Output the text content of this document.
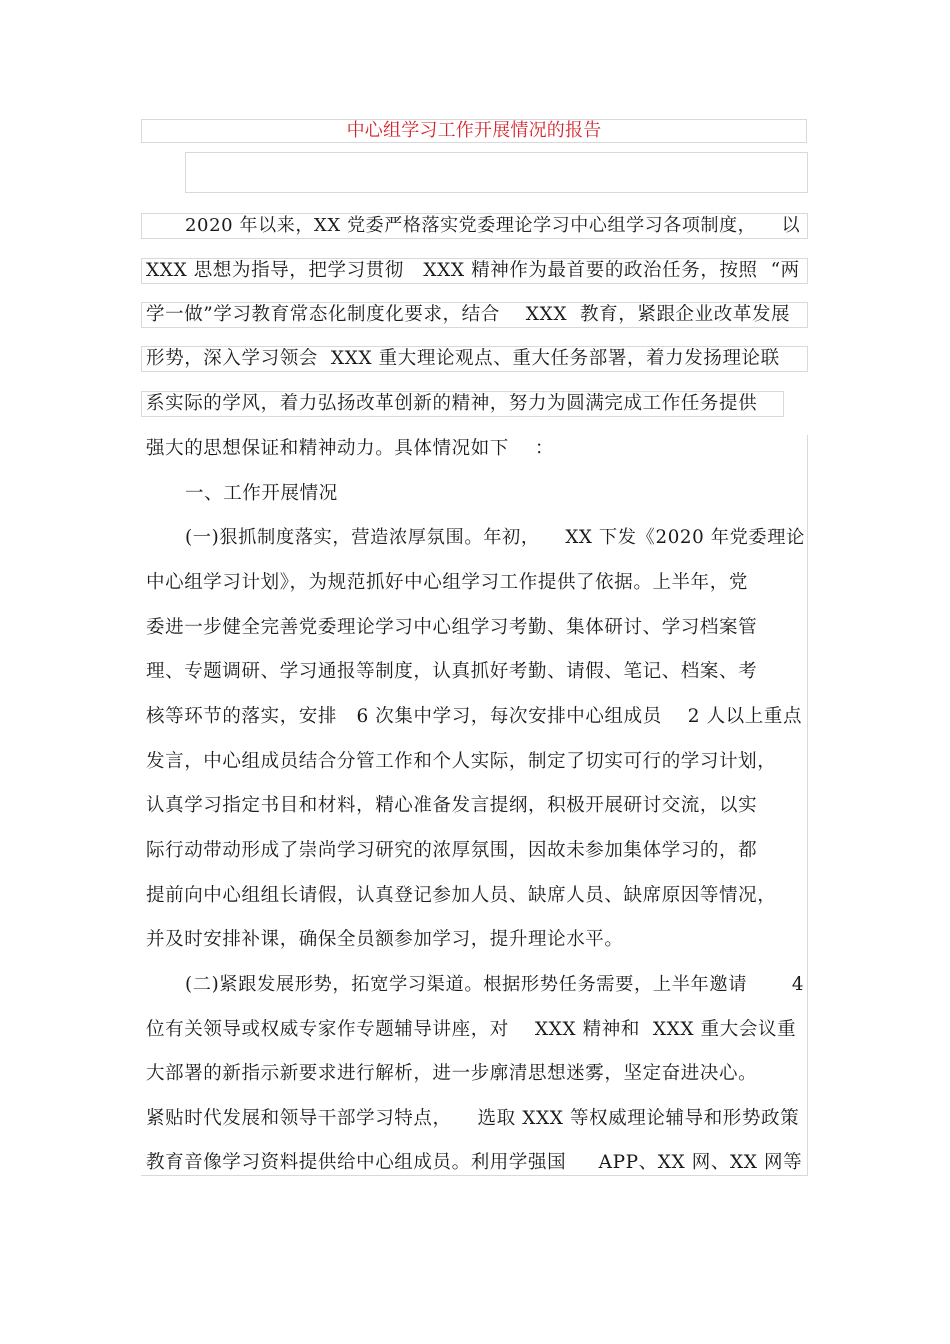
中心组学习工作开展情况的报告
2020 年以来，XX 党委严格落实党委理论学习中心组学习各项制度，    以
XXX 思想为指导，把学习贯彻   XXX 精神作为最首要的政治任务，按照  “两
学一做”学习教育常态化制度化要求，结合    XXX  教育，紧跟企业改革发展
形势，深入学习领会  XXX 重大理论观点、重大任务部署，着力发扬理论联
系实际的学风，着力弘扬改革创新的精神，努力为圆满完成工作任务提供
强大的思想保证和精神动力。具体情况如下    ：
一、工作开展情况
(一)狠抓制度落实，营造浓厚氛围。年初，    XX 下发《2020 年党委理论
中心组学习计划》，为规范抓好中心组学习工作提供了依据。上半年，党
委进一步健全完善党委理论学习中心组学习考勤、集体研讨、学习档案管
理、专题调研、学习通报等制度，认真抓好考勤、请假、笔记、档案、考
核等环节的落实，安排   6 次集中学习，每次安排中心组成员    2 人以上重点
发言，中心组成员结合分管工作和个人实际，制定了切实可行的学习计划，
认真学习指定书目和材料，精心准备发言提纲，积极开展研讨交流，以实
际行动带动形成了崇尚学习研究的浓厚氛围，因故未参加集体学习的，都
提前向中心组组长请假，认真登记参加人员、缺席人员、缺席原因等情况，
并及时安排补课，确保全员额参加学习，提升理论水平。
(二)紧跟发展形势，拓宽学习渠道。根据形势任务需要，上半年邀请       4
位有关领导或权威专家作专题辅导讲座，对    XXX 精神和  XXX 重大会议重
大部署的新指示新要求进行解析，进一步廓清思想迷雾，坚定奋进决心。
紧贴时代发展和领导干部学习特点，    选取 XXX 等权威理论辅导和形势政策
教育音像学习资料提供给中心组成员。利用学强国     APP、XX 网、XX 网等
